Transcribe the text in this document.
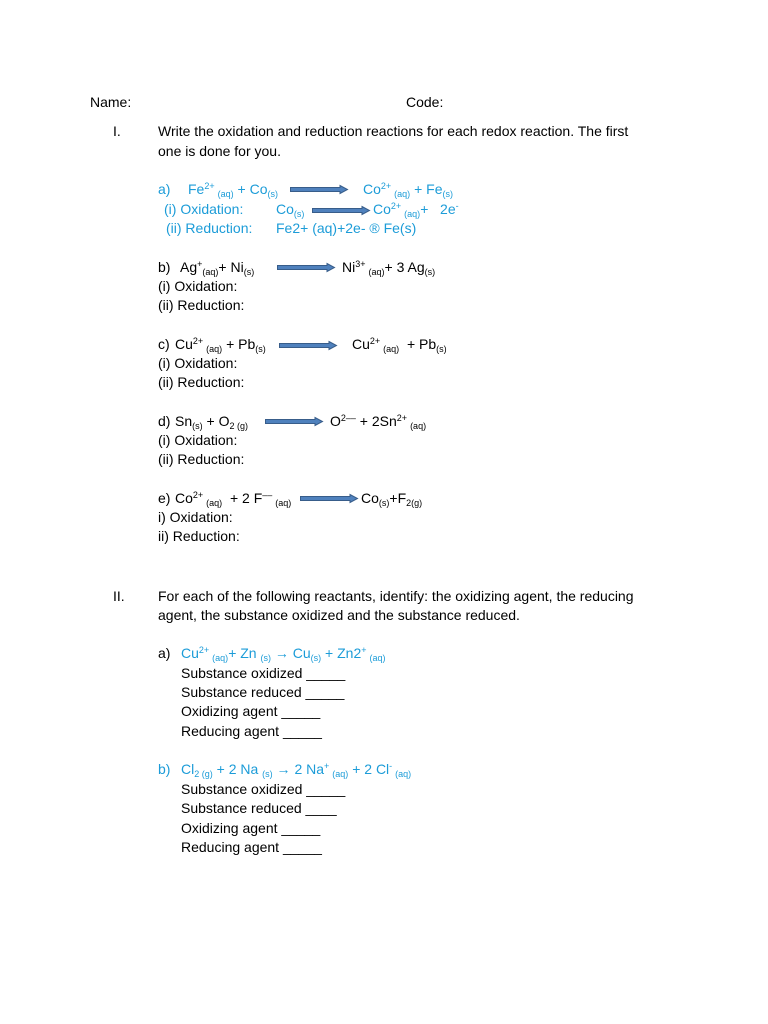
Name:	Code:
I.	Write the oxidation and reduction reactions for each redox reaction. The first
one is done for you.
a) $Fe^{2+}_{(aq)} + Co_{(s)}$	$Co^{2+}_{(aq)} + Fe_{(s)}$
(i) Oxidation: $Co_{(s)}$	$Co^{2+}_{(aq)}+ 2e^-$
(ii) Reduction: Fe2+ (aq)+2e- ® Fe(s)
b) $Ag^+_{(aq)}+ Ni_{(s)}$	$Ni^{3+}_{(aq)}+ 3$ $Ag_{(s)}$
(i) Oxidation:
(ii) Reduction:
c) $Cu^{2+}_{(aq)} + Pb_{(s)}$	$Cu^{2+}_{(aq)} + Pb_{(s)}$
(i) Oxidation:
(ii) Reduction:
d) $Sn_{(s)} + O_{2 (g)}$	$O^{2--} + 2Sn^{2+}_{(aq)}$
(i) Oxidation:
(ii) Reduction:
e) $Co^{2+}_{(aq)} + 2$ $F^{--}_{(aq)}$	$Co_{(s)}+F_{2(g)}$
i) Oxidation:
ii) Reduction:
II. For each of the following reactants, identify: the oxidizing agent, the reducing
agent, the substance oxidized and the substance reduced.
a) $Cu^{2+}_{(aq)}+ Zn$ $_{(s)} \to Cu_{(s)} + Zn2^+_{(aq)}$
Substance oxidized _____
Substance reduced _____
Oxidizing agent _____
Reducing agent _____
b) $Cl_{2 (g)} + 2$ Na $_{(s)}$ → 2 $Na^+_{(aq)} + 2$ $Cl^-_{(aq)}$
Substance oxidized _____
Substance reduced ____
Oxidizing agent _____
Reducing agent _____
